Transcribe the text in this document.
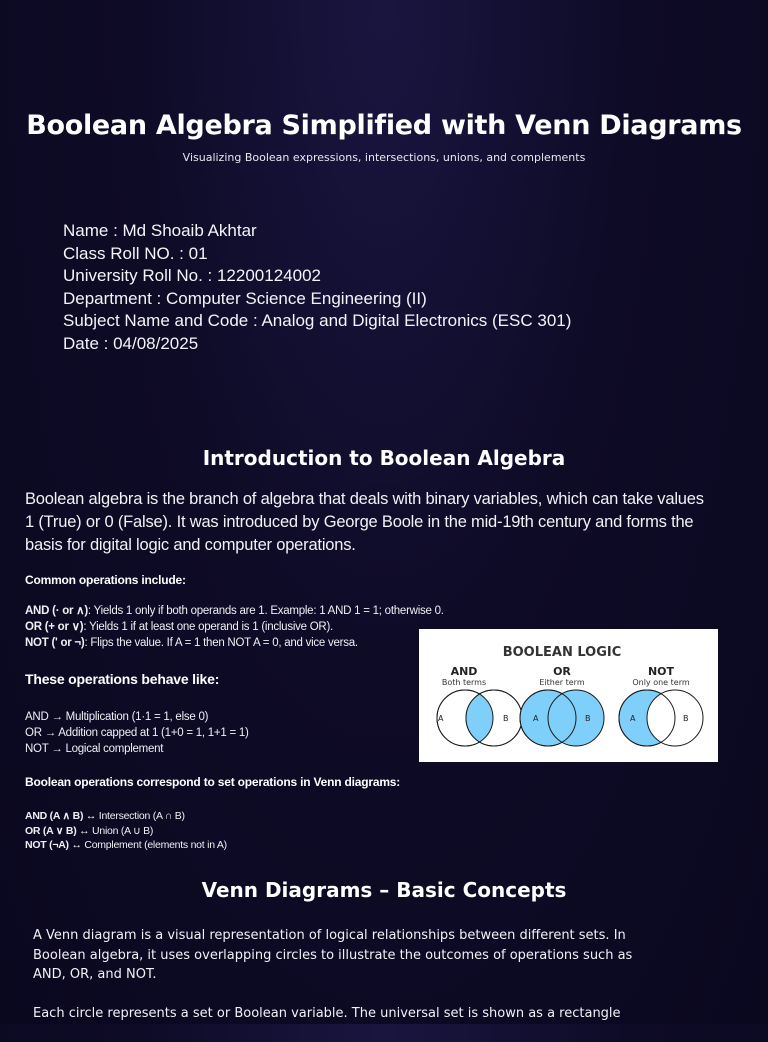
Boolean Algebra Simplified with Venn Diagrams
Visualizing Boolean expressions, intersections, unions, and complements
Name : Md Shoaib Akhtar
Class Roll NO. : 01
University Roll No. : 12200124002
Department : Computer Science Engineering (II)
Subject Name and Code : Analog and Digital Electronics (ESC 301)
Date : 04/08/2025
Introduction to Boolean Algebra
Boolean algebra is the branch of algebra that deals with binary variables, which can take values 1 (True) or 0 (False). It was introduced by George Boole in the mid-19th century and forms the basis for digital logic and computer operations.
Common operations include:
AND (· or ∧): Yields 1 only if both operands are 1. Example: 1 AND 1 = 1; otherwise 0.
OR (+ or ∨): Yields 1 if at least one operand is 1 (inclusive OR).
NOT (' or ¬): Flips the value. If A = 1 then NOT A = 0, and vice versa.
These operations behave like:
AND → Multiplication (1·1 = 1, else 0)
OR → Addition capped at 1 (1+0 = 1, 1+1 = 1)
NOT → Logical complement
Boolean operations correspond to set operations in Venn diagrams:
AND (A ∧ B) ↔ Intersection (A ∩ B)
OR (A ∨ B) ↔ Union (A ∪ B)
NOT (¬A) ↔ Complement (elements not in A)
BOOLEAN LOGIC
AND
Both terms
A	B
OR
Either term
A	B
NOT
Only one term
A	B
Venn Diagrams – Basic Concepts

A Venn diagram is a visual representation of logical relationships between different sets. In Boolean algebra, it uses overlapping circles to illustrate the outcomes of operations such as AND, OR, and NOT.

Each circle represents a set or Boolean variable. The universal set is shown as a rectangle
